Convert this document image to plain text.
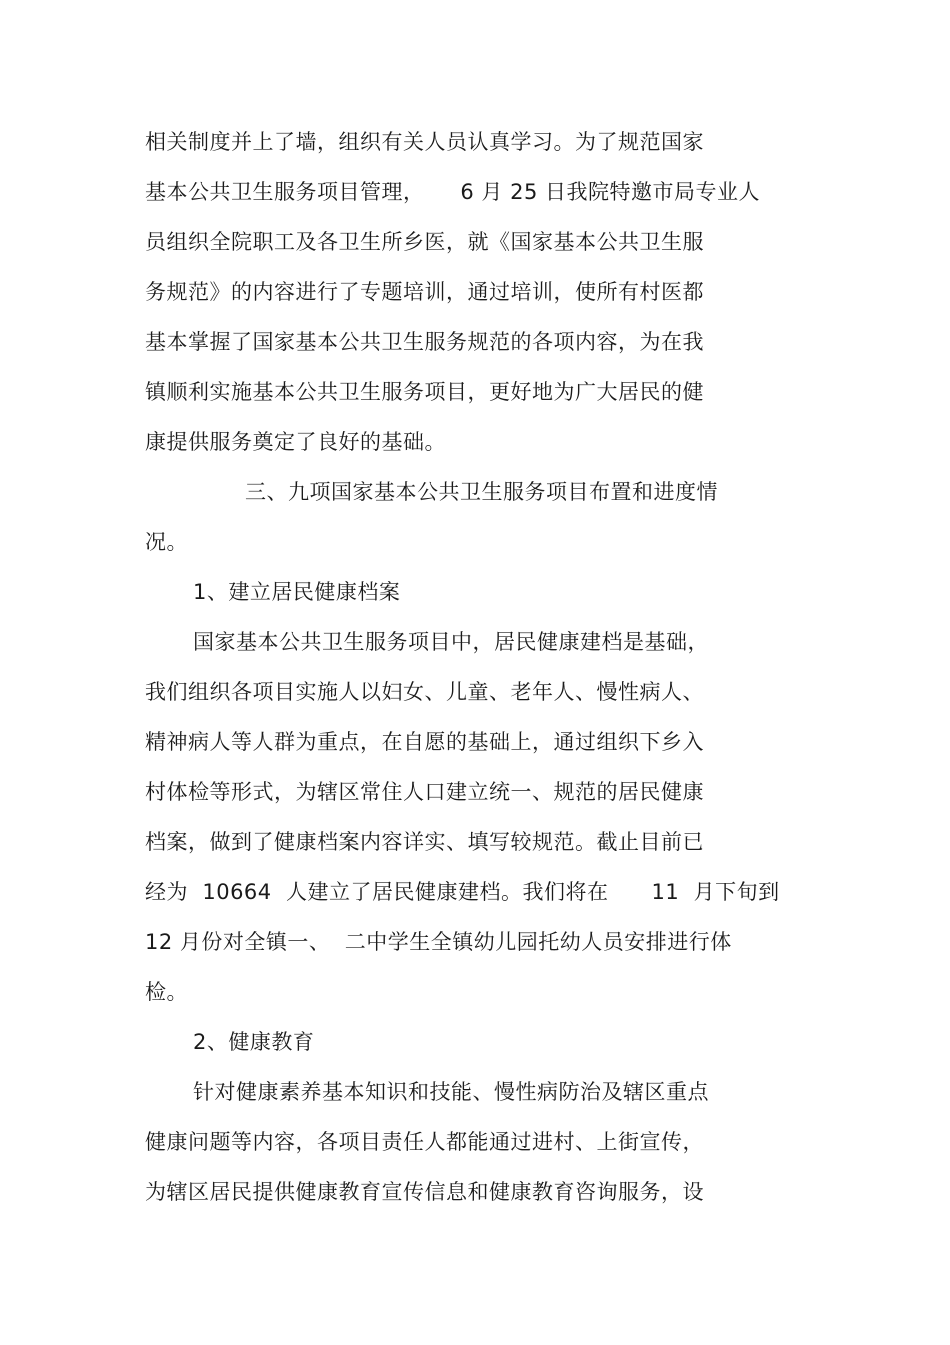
相关制度并上了墙，组织有关人员认真学习。为了规范国家
基本公共卫生服务项目管理，     6 月 25 日我院特邀市局专业人
员组织全院职工及各卫生所乡医，就《国家基本公共卫生服
务规范》的内容进行了专题培训，通过培训，使所有村医都
基本掌握了国家基本公共卫生服务规范的各项内容，为在我
镇顺利实施基本公共卫生服务项目，更好地为广大居民的健
康提供服务奠定了良好的基础。
三、九项国家基本公共卫生服务项目布置和进度情
况。
1、建立居民健康档案
国家基本公共卫生服务项目中，居民健康建档是基础，
我们组织各项目实施人以妇女、儿童、老年人、慢性病人、
精神病人等人群为重点，在自愿的基础上，通过组织下乡入
村体检等形式，为辖区常住人口建立统一、规范的居民健康
档案，做到了健康档案内容详实、填写较规范。截止目前已
经为  10664  人建立了居民健康建档。我们将在      11  月下旬到
12 月份对全镇一、  二中学生全镇幼儿园托幼人员安排进行体
检。
2、健康教育
针对健康素养基本知识和技能、慢性病防治及辖区重点
健康问题等内容，各项目责任人都能通过进村、上街宣传，
为辖区居民提供健康教育宣传信息和健康教育咨询服务，设
